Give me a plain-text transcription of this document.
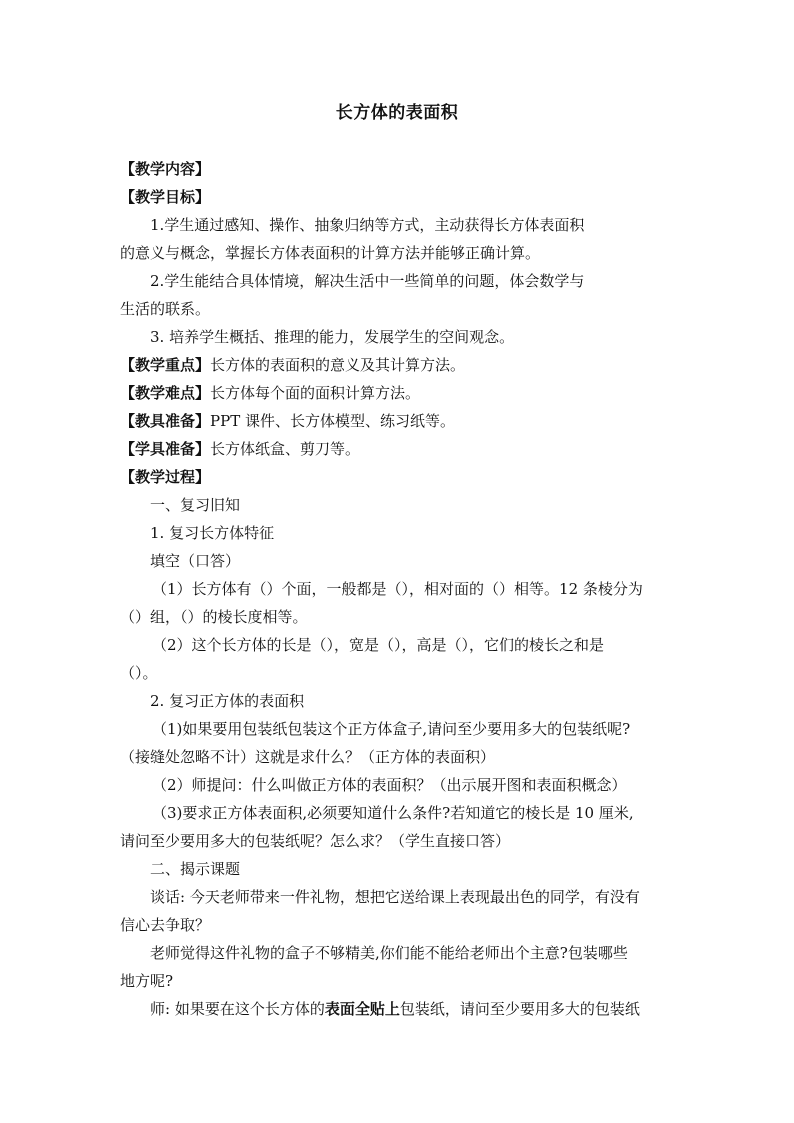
长方体的表面积
【教学内容】
【教学目标】
1.学生通过感知、操作、抽象归纳等方式，主动获得长方体表面积
的意义与概念，掌握长方体表面积的计算方法并能够正确计算。
2.学生能结合具体情境，解决生活中一些简单的问题，体会数学与
生活的联系。
3. 培养学生概括、推理的能力，发展学生的空间观念。
【教学重点】长方体的表面积的意义及其计算方法。
【教学难点】长方体每个面的面积计算方法。
【教具准备】PPT 课件、长方体模型、练习纸等。
【学具准备】长方体纸盒、剪刀等。
【教学过程】
一、复习旧知
1. 复习长方体特征
填空（口答）
（1）长方体有（）个面，一般都是（），相对面的（）相等。12 条棱分为
（）组，（）的棱长度相等。
（2）这个长方体的长是（），宽是（），高是（），它们的棱长之和是
（）。
2. 复习正方体的表面积
（1)如果要用包装纸包装这个正方体盒子,请问至少要用多大的包装纸呢?
（接缝处忽略不计）这就是求什么？（正方体的表面积）
（2）师提问：什么叫做正方体的表面积？（出示展开图和表面积概念）
（3)要求正方体表面积,必须要知道什么条件?若知道它的棱长是 10 厘米,
请问至少要用多大的包装纸呢？怎么求？（学生直接口答）
二、揭示课题
谈话: 今天老师带来一件礼物，想把它送给课上表现最出色的同学，有没有
信心去争取？
老师觉得这件礼物的盒子不够精美,你们能不能给老师出个主意?包装哪些
地方呢?
师: 如果要在这个长方体的表面全贴上包装纸，请问至少要用多大的包装纸
